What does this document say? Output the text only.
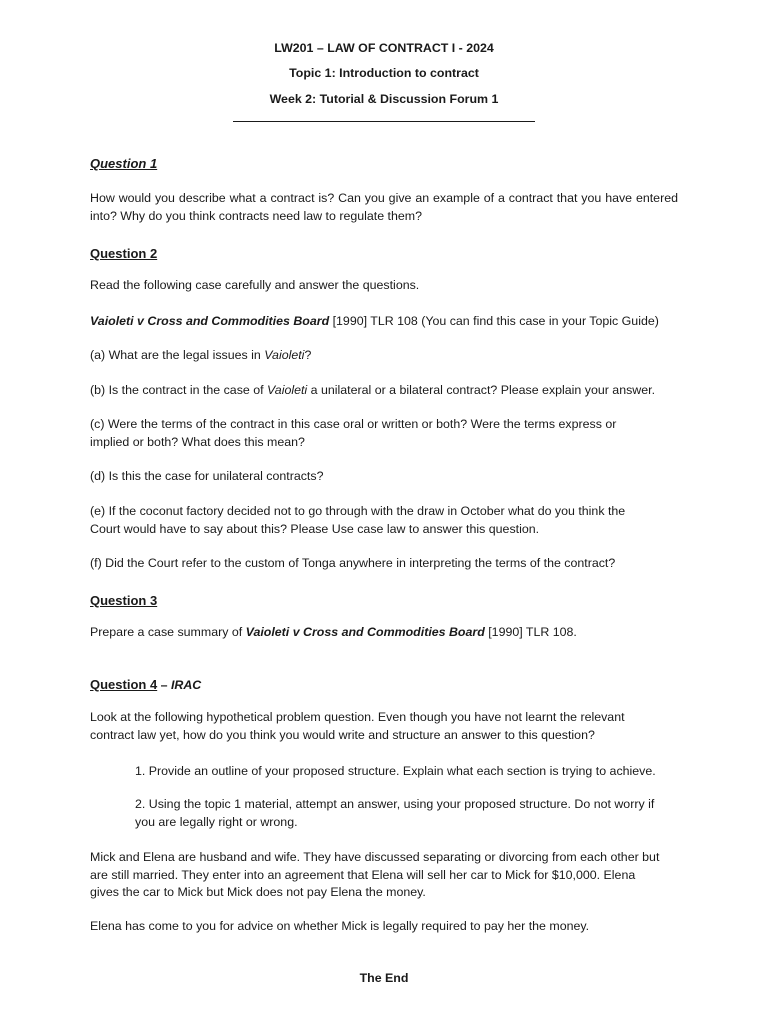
LW201 – LAW OF CONTRACT I - 2024
Topic 1: Introduction to contract
Week 2: Tutorial & Discussion Forum 1
Question 1

How would you describe what a contract is? Can you give an example of a contract that you have entered into? Why do you think contracts need law to regulate them?

Question 2
Read the following case carefully and answer the questions.
Vaioleti v Cross and Commodities Board [1990] TLR 108 (You can find this case in your Topic Guide)
(a) What are the legal issues in Vaioleti?
(b) Is the contract in the case of Vaioleti a unilateral or a bilateral contract? Please explain your answer.
(c) Were the terms of the contract in this case oral or written or both? Were the terms express or
implied or both? What does this mean?
(d) Is this the case for unilateral contracts?
(e) If the coconut factory decided not to go through with the draw in October what do you think the
Court would have to say about this? Please Use case law to answer this question.
(f) Did the Court refer to the custom of Tonga anywhere in interpreting the terms of the contract?
Question 3
Prepare a case summary of Vaioleti v Cross and Commodities Board [1990] TLR 108.
Question 4 – IRAC
Look at the following hypothetical problem question. Even though you have not learnt the relevant
contract law yet, how do you think you would write and structure an answer to this question?
1. Provide an outline of your proposed structure. Explain what each section is trying to achieve.
2. Using the topic 1 material, attempt an answer, using your proposed structure. Do not worry if
you are legally right or wrong.
Mick and Elena are husband and wife. They have discussed separating or divorcing from each other but
are still married. They enter into an agreement that Elena will sell her car to Mick for $10,000. Elena
gives the car to Mick but Mick does not pay Elena the money.
Elena has come to you for advice on whether Mick is legally required to pay her the money.
The End
